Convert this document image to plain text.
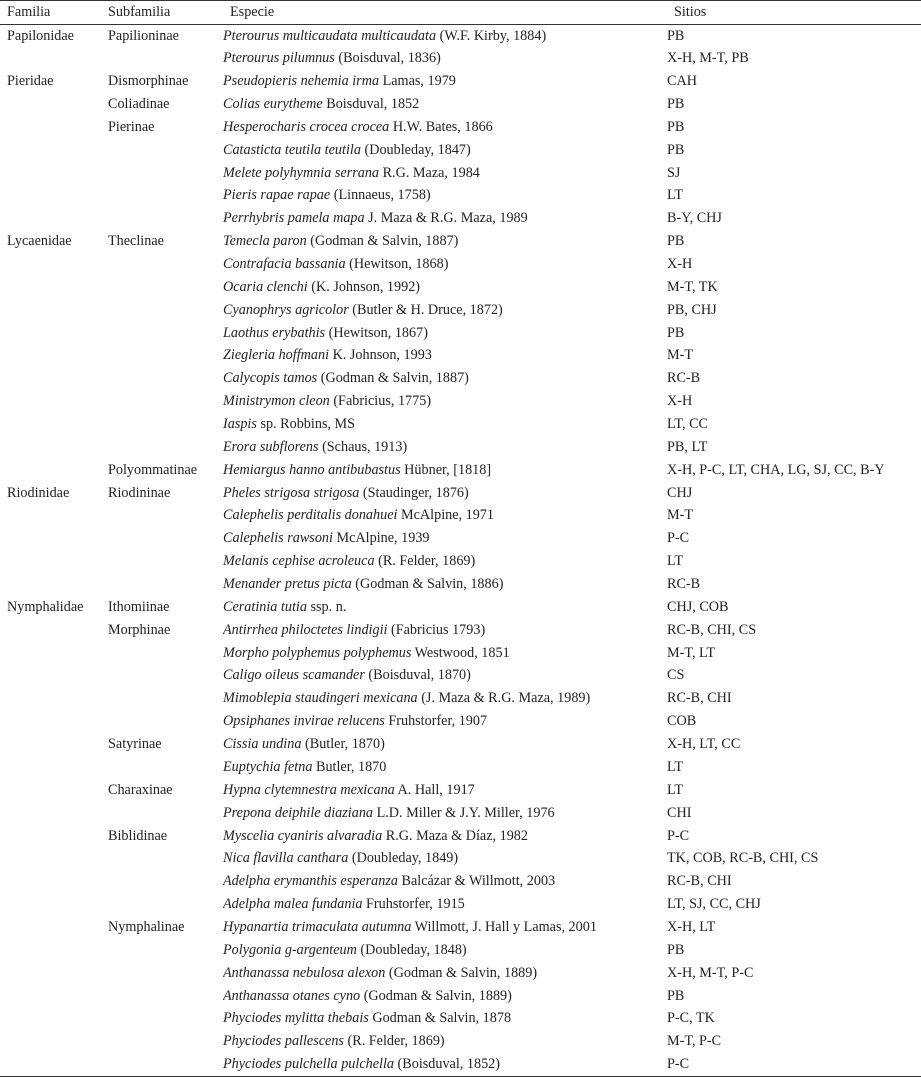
Familia	Subfamilia	Especie	Sitios
Papilonidae	Papilioninae	Pterourus multicaudata multicaudata (W.F. Kirby, 1884)	PB
		Pterourus pilumnus (Boisduval, 1836)	X-H, M-T, PB
Pieridae	Dismorphinae	Pseudopieris nehemia irma Lamas, 1979	CAH
	Coliadinae	Colias eurytheme Boisduval, 1852	PB
	Pierinae	Hesperocharis crocea crocea H.W. Bates, 1866	PB
		Catasticta teutila teutila (Doubleday, 1847)	PB
		Melete polyhymnia serrana R.G. Maza, 1984	SJ
		Pieris rapae rapae (Linnaeus, 1758)	LT
		Perrhybris pamela mapa J. Maza & R.G. Maza, 1989	B-Y, CHJ
Lycaenidae	Theclinae	Temecla paron (Godman & Salvin, 1887)	PB
		Contrafacia bassania (Hewitson, 1868)	X-H
		Ocaria clenchi (K. Johnson, 1992)	M-T, TK
		Cyanophrys agricolor (Butler & H. Druce, 1872)	PB, CHJ
		Laothus erybathis (Hewitson, 1867)	PB
		Ziegleria hoffmani K. Johnson, 1993	M-T
		Calycopis tamos (Godman & Salvin, 1887)	RC-B
		Ministrymon cleon (Fabricius, 1775)	X-H
		Iaspis sp. Robbins, MS	LT, CC
		Erora subflorens (Schaus, 1913)	PB, LT
	Polyommatinae	Hemiargus hanno antibubastus Hübner, [1818]	X-H, P-C, LT, CHA, LG, SJ, CC, B-Y
Riodinidae	Riodininae	Pheles strigosa strigosa (Staudinger, 1876)	CHJ
		Calephelis perditalis donahuei McAlpine, 1971	M-T
		Calephelis rawsoni McAlpine, 1939	P-C
		Melanis cephise acroleuca (R. Felder, 1869)	LT
		Menander pretus picta (Godman & Salvin, 1886)	RC-B
Nymphalidae	Ithomiinae	Ceratinia tutia ssp. n.	CHJ, COB
	Morphinae	Antirrhea philoctetes lindigii (Fabricius 1793)	RC-B, CHI, CS
		Morpho polyphemus polyphemus Westwood, 1851	M-T, LT
		Caligo oileus scamander (Boisduval, 1870)	CS
		Mimoblepia staudingeri mexicana (J. Maza & R.G. Maza, 1989)	RC-B, CHI
		Opsiphanes invirae relucens Fruhstorfer, 1907	COB
	Satyrinae	Cissia undina (Butler, 1870)	X-H, LT, CC
		Euptychia fetna Butler, 1870	LT
	Charaxinae	Hypna clytemnestra mexicana A. Hall, 1917	LT
		Prepona deiphile diaziana L.D. Miller & J.Y. Miller, 1976	CHI
	Biblidinae	Myscelia cyaniris alvaradia R.G. Maza & Díaz, 1982	P-C
		Nica flavilla canthara (Doubleday, 1849)	TK, COB, RC-B, CHI, CS
		Adelpha erymanthis esperanza Balcázar & Willmott, 2003	RC-B, CHI
		Adelpha malea fundania Fruhstorfer, 1915	LT, SJ, CC, CHJ
	Nymphalinae	Hypanartia trimaculata autumna Willmott, J. Hall y Lamas, 2001	X-H, LT
		Polygonia g-argenteum (Doubleday, 1848)	PB
		Anthanassa nebulosa alexon (Godman & Salvin, 1889)	X-H, M-T, P-C
		Anthanassa otanes cyno (Godman & Salvin, 1889)	PB
		Phyciodes mylitta thebais Godman & Salvin, 1878	P-C, TK
		Phyciodes pallescens (R. Felder, 1869)	M-T, P-C
		Phyciodes pulchella pulchella (Boisduval, 1852)	P-C
